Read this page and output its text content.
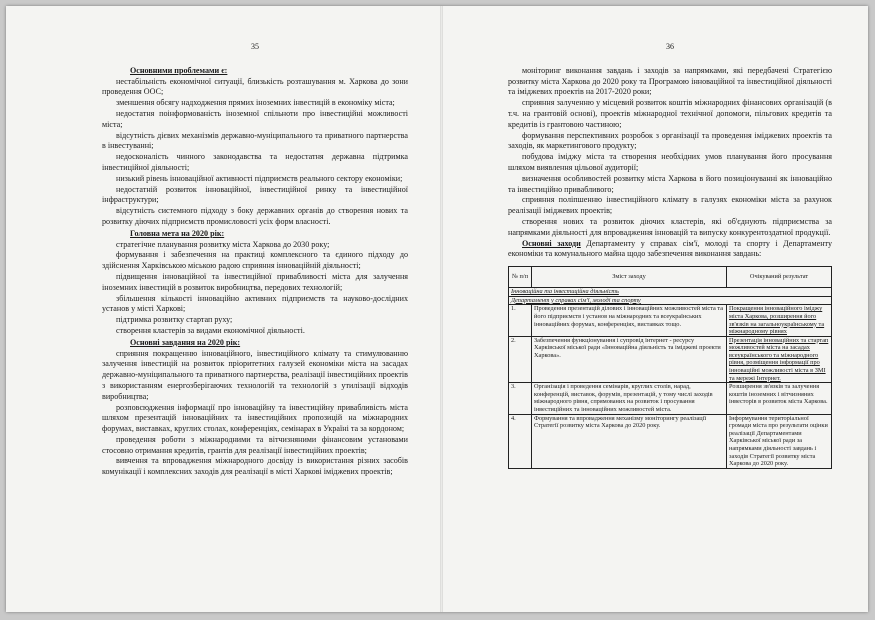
35

Основними проблемами є:

нестабільність економічної ситуації, близькість розташування м. Харкова до зони проведення ООС;

зменшення обсягу надходження прямих іноземних інвестицій в економіку міста;

недостатня поінформованість іноземної спільноти про інвестиційні можливості міста;

відсутність дієвих механізмів державно-муніципального та приватного партнерства в інвестуванні;

недосконалість чинного законодавства та недостатня державна підтримка інвестиційної діяльності;

низький рівень інноваційної активності підприємств реального сектору економіки;

недостатній розвиток інноваційної, інвестиційної ринку та інвестиційної інфраструктури;

відсутність системного підходу з боку державних органів до створення нових та розвитку діючих підприємств промисловості усіх форм власності.

Головна мета на 2020 рік:

стратегічне планування розвитку міста Харкова до 2030 року;

формування і забезпечення на практиці комплексного та єдиного підходу до здійснення Харківською міською радою сприяння інноваційній діяльності;

підвищення інноваційної та інвестиційної привабливості міста для залучення іноземних інвестицій в розвиток виробництва, передових технологій;

збільшення кількості інноваційно активних підприємств та науково-дослідних установ у місті Харкові;

підтримка розвитку стартап руху;

створення кластерів за видами економічної діяльності.

Основні завдання на 2020 рік:

сприяння покращенню інноваційного, інвестиційного клімату та стимулюванню залучення інвестицій на розвиток пріоритетних галузей економіки міста на засадах державно-муніципального та приватного партнерства, реалізації інвестиційних проектів з використанням енергозберігаючих технологій та технологій з утилізації відходів виробництва;

розповсюдження інформації про інноваційну та інвестиційну привабливість міста шляхом презентацій інноваційних та інвестиційних пропозицій на міжнародних форумах, виставках, круглих столах, конференціях, семінарах в Україні та за кордоном;

проведення роботи з міжнародними та вітчизняними фінансовим установами стосовно отримання кредитів, грантів для реалізації інвестиційних проектів;

вивчення та впровадження міжнародного досвіду із використання різних засобів комунікації і комплексних заходів для реалізації в місті Харкові іміджевих проектів;

36

моніторинг виконання завдань і заходів за напрямками, які передбачені Стратегією розвитку міста Харкова до 2020 року та Програмою інноваційної та інвестиційної діяльності та іміджевих проектів на 2017-2020 роки;

сприяння залученню у місцевий розвиток коштів міжнародних фінансових організацій (в т.ч. на грантовій основі), проектів міжнародної технічної допомоги, пільгових кредитів та кредитів із грантовою частиною;

формування перспективних розробок з організації та проведення іміджевих проектів та заходів, як маркетингового продукту;

побудова іміджу міста та створення необхідних умов планування його просування шляхом виявлення цільової аудиторії;

визначення особливостей розвитку міста Харкова в його позиціонуванні як інноваційно та інвестиційно привабливого;

сприяння поліпшенню інвестиційного клімату в галузях економіки міста за рахунок реалізації іміджевих проектів;

створення нових та розвиток діючих кластерів, які об'єднують підприємства за напрямками діяльності для впровадження інновацій та випуску конкурентоздатної продукції.

Основні заходи Департаменту у справах сім'ї, молоді та спорту і Департаменту економіки та комунального майна щодо забезпечення виконання завдань:

№ п/п	Зміст заходу	Очікуваний результат
Інноваційна та інвестиційна діяльність		
Департамент у справах сім'ї, молоді та спорту		
1.	Проведення презентацій ділових і інноваційних можливостей міста та його підприємств і установ на міжнародних та всеукраїнських інноваційних форумах, конференціях, виставках тощо.	Покращення інноваційного іміджу міста Харкова, розширення його зв'язків на загальноукраїнському та міжнародному рівнях
2.	Забезпечення функціонування і супровід інтернет - ресурсу Харківської міської ради «Інноваційна діяльність та іміджеві проекти Харкова».	Презентація інноваційних та стартап можливостей міста на засадах всеукраїнського та міжнародного рівня, розміщення інформації про інноваційні можливості міста в ЗМІ та мережі Інтернет.
3.	Організація і проведення семінарів, круглих столів, нарад, конференцій, виставок, форумів, презентацій, у тому числі заходів міжнародного рівня, спрямованих на розвиток і просування інвестиційних та інноваційних можливостей міста.	Розширення зв'язків та залучення коштів іноземних і вітчизняних інвесторів в розвиток міста Харкова.
4.	Формування та впровадження механізму моніторингу реалізації Стратегії розвитку міста Харкова до 2020 року.	Інформування територіальної громади міста про результати оцінки реалізації Департаментами Харківської міської ради за напрямками діяльності завдань і заходів Стратегії розвитку міста Харкова до 2020 року.
